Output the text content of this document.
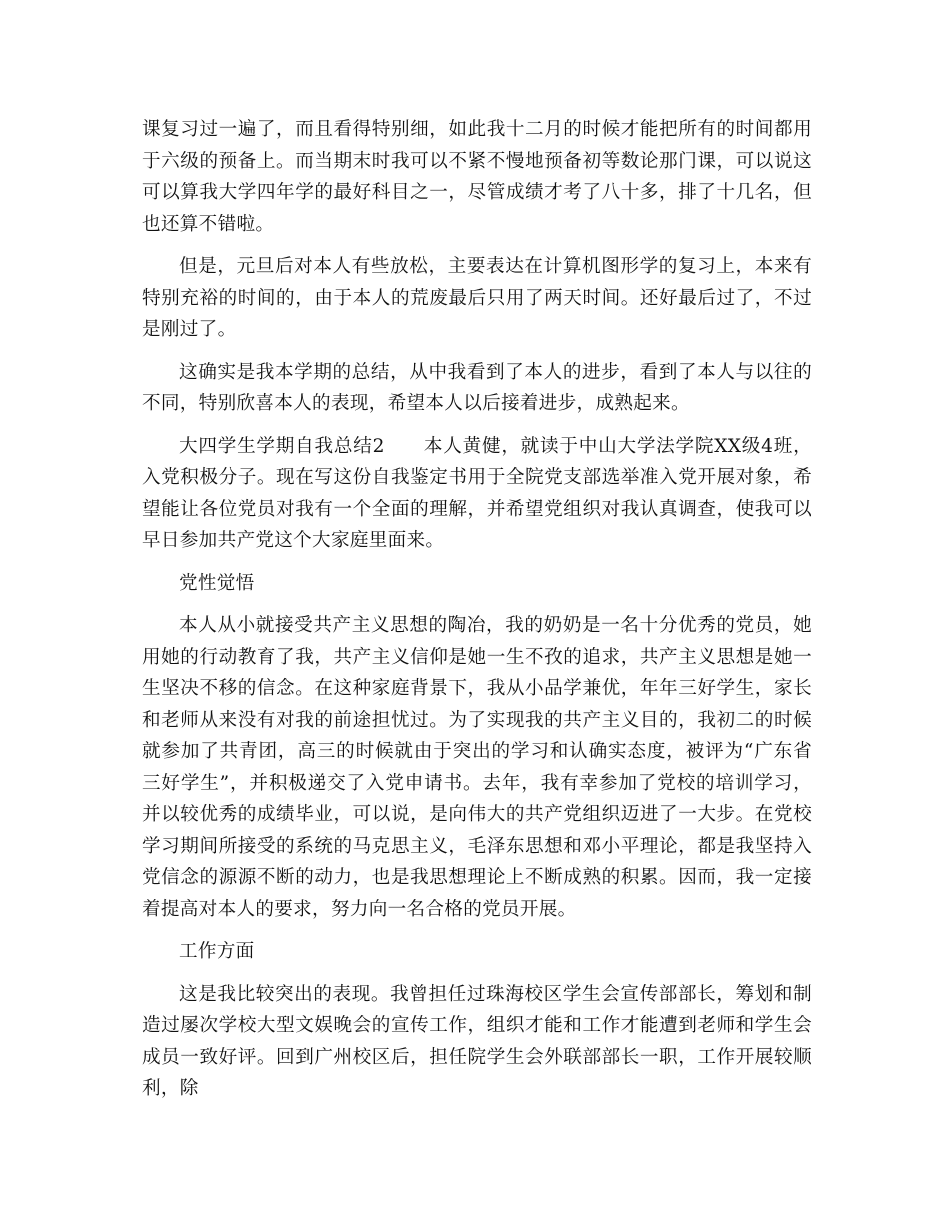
课复习过一遍了，而且看得特别细，如此我十二月的时候才能把所有的时间都用于六级的预备上。而当期末时我可以不紧不慢地预备初等数论那门课，可以说这可以算我大学四年学的最好科目之一，尽管成绩才考了八十多，排了十几名，但也还算不错啦。

但是，元旦后对本人有些放松，主要表达在计算机图形学的复习上，本来有特别充裕的时间的，由于本人的荒废最后只用了两天时间。还好最后过了，不过是刚过了。

这确实是我本学期的总结，从中我看到了本人的进步，看到了本人与以往的不同，特别欣喜本人的表现，希望本人以后接着进步，成熟起来。

大四学生学期自我总结2　　本人黄健，就读于中山大学法学院XX级4班，入党积极分子。现在写这份自我鉴定书用于全院党支部选举准入党开展对象，希望能让各位党员对我有一个全面的理解，并希望党组织对我认真调查，使我可以早日参加共产党这个大家庭里面来。

党性觉悟

本人从小就接受共产主义思想的陶冶，我的奶奶是一名十分优秀的党员，她用她的行动教育了我，共产主义信仰是她一生不孜的追求，共产主义思想是她一生坚决不移的信念。在这种家庭背景下，我从小品学兼优，年年三好学生，家长和老师从来没有对我的前途担忧过。为了实现我的共产主义目的，我初二的时候就参加了共青团，高三的时候就由于突出的学习和认确实态度，被评为“广东省三好学生”，并积极递交了入党申请书。去年，我有幸参加了党校的培训学习，并以较优秀的成绩毕业，可以说，是向伟大的共产党组织迈进了一大步。在党校学习期间所接受的系统的马克思主义，毛泽东思想和邓小平理论，都是我坚持入党信念的源源不断的动力，也是我思想理论上不断成熟的积累。因而，我一定接着提高对本人的要求，努力向一名合格的党员开展。

工作方面

这是我比较突出的表现。我曾担任过珠海校区学生会宣传部部长，筹划和制造过屡次学校大型文娱晚会的宣传工作，组织才能和工作才能遭到老师和学生会成员一致好评。回到广州校区后，担任院学生会外联部部长一职，工作开展较顺利，除
